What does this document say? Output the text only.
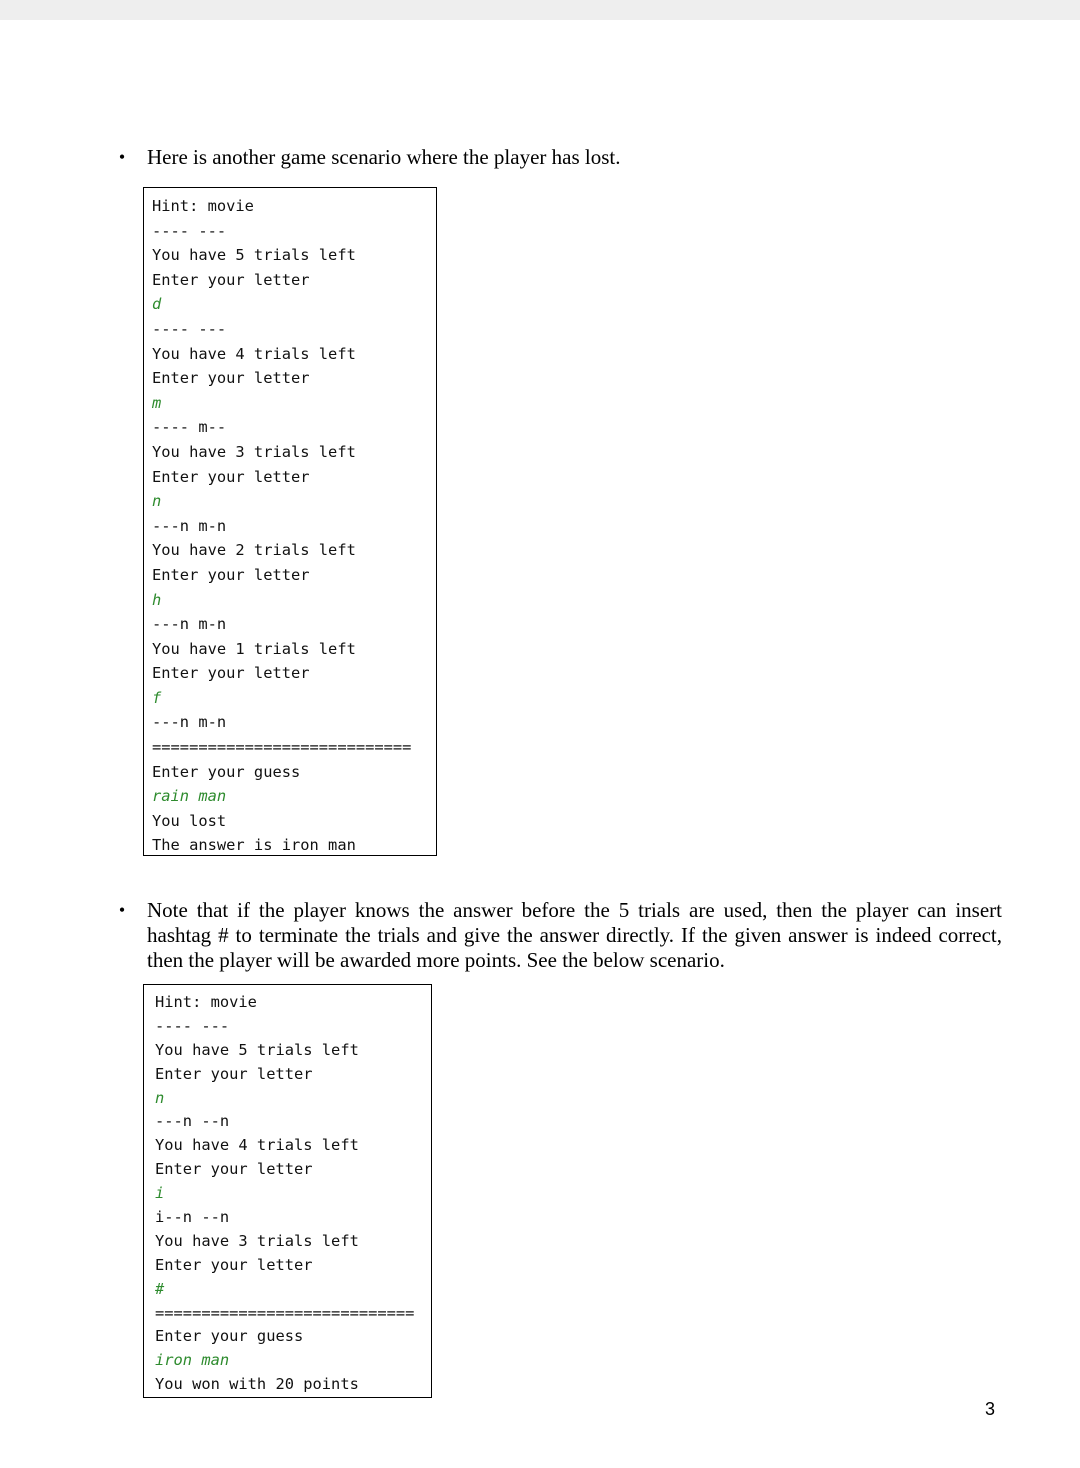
•	Here is another game scenario where the player has lost.
Hint: movie
---- ---
You have 5 trials left
Enter your letter
d
---- ---
You have 4 trials left
Enter your letter
m
---- m--
You have 3 trials left
Enter your letter
n
---n m-n
You have 2 trials left
Enter your letter
h
---n m-n
You have 1 trials left
Enter your letter
f
---n m-n
============================
Enter your guess
rain man
You lost
The answer is iron man
•	Note that if the player knows the answer before the 5 trials are used, then the player can insert hashtag # to terminate the trials and give the answer directly. If the given answer is indeed correct, then the player will be awarded more points. See the below scenario.
Hint: movie
---- ---
You have 5 trials left
Enter your letter
n
---n --n
You have 4 trials left
Enter your letter
i
i--n --n
You have 3 trials left
Enter your letter
#
============================
Enter your guess
iron man
You won with 20 points
3
